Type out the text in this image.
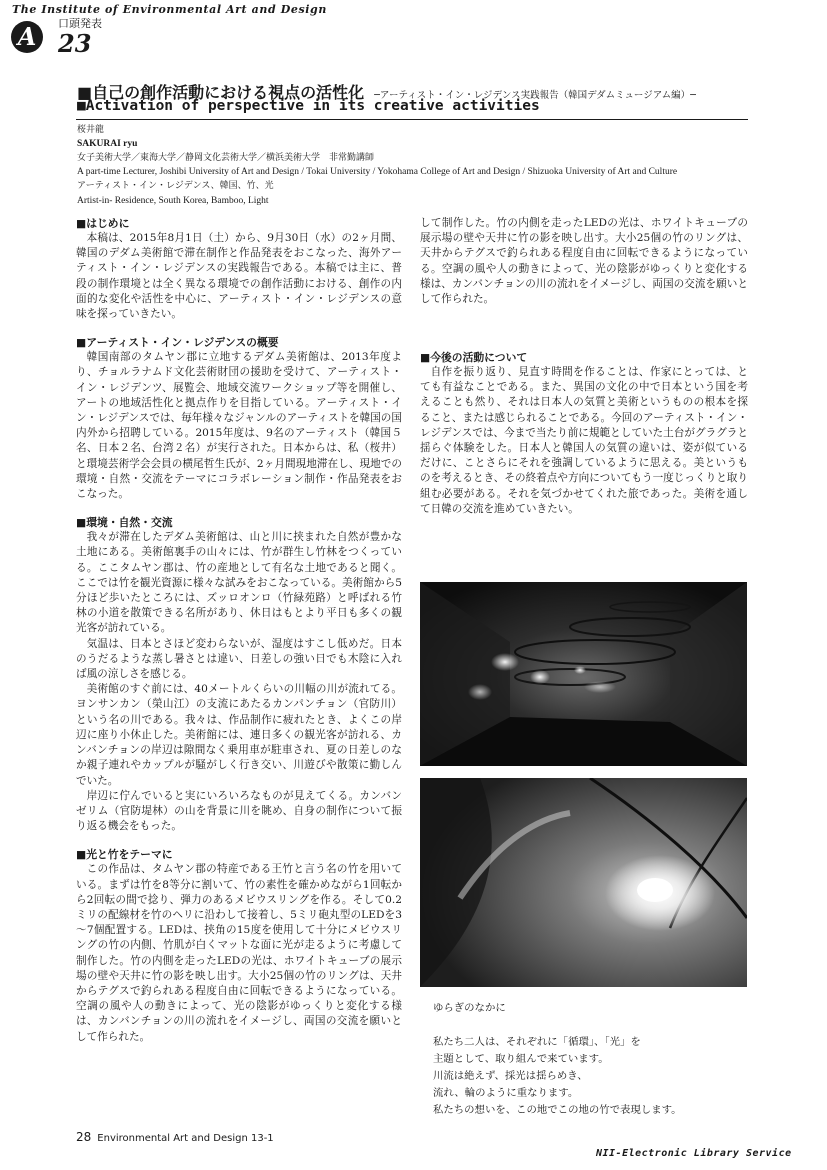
The Institute of Environmental Art and Design
A	口頭発表
23
■自己の創作活動における視点の活性化 ─アーティスト・イン・レジデンス実践報告（韓国デダムミュージアム編）─
■Activation of perspective in its creative activities
桜井龍
SAKURAI ryu
女子美術大学／東海大学／静岡文化芸術大学／横浜美術大学　非常勤講師
A part-time Lecturer, Joshibi University of Art and Design / Tokai University / Yokohama College of Art and Design / Shizuoka University of Art and Culture
アーティスト・イン・レジデンス、韓国、竹、光
Artist-in- Residence, South Korea, Bamboo, Light
■はじめに

本稿は、2015年8月1日（土）から、9月30日（水）の2ヶ月間、韓国のデダム美術館で滞在制作と作品発表をおこなった、海外アーティスト・イン・レジデンスの実践報告である。本稿では主に、普段の制作環境とは全く異なる環境での創作活動における、創作の内面的な変化や活性を中心に、アーティスト・イン・レジデンスの意味を探っていきたい。

■アーティスト・イン・レジデンスの概要

韓国南部のタムヤン郡に立地するデダム美術館は、2013年度より、チョルラナムド文化芸術財団の援助を受けて、アーティスト・イン・レジデンツ、展覧会、地域交流ワークショップ等を開催し、アートの地域活性化と拠点作りを目指している。アーティスト・イン・レジデンスでは、毎年様々なジャンルのアーティストを韓国の国内外から招聘している。2015年度は、9名のアーティスト（韓国５名、日本２名、台湾２名）が実行された。日本からは、私（桜井）と環境芸術学会会員の横尾哲生氏が、2ヶ月間現地滞在し、現地での環境・自然・交流をテーマにコラボレーション制作・作品発表をおこなった。

■環境・自然・交流

我々が滞在したデダム美術館は、山と川に挟まれた自然が豊かな土地にある。美術館裏手の山々には、竹が群生し竹林をつくっている。ここタムヤン郡は、竹の産地として有名な土地であると聞く。ここでは竹を観光資源に様々な試みをおこなっている。美術館から5分ほど歩いたところには、ズッロオンロ（竹緑苑路）と呼ばれる竹林の小道を散策できる名所があり、休日はもとより平日も多くの観光客が訪れている。

気温は、日本とさほど変わらないが、湿度はすこし低めだ。日本のうだるような蒸し暑さとは違い、日差しの強い日でも木陰に入れば風の涼しさを感じる。

美術館のすぐ前には、40メートルくらいの川幅の川が流れてる。ヨンサンカン（榮山江）の支流にあたるカンパンチョン（官防川）という名の川である。我々は、作品制作に疲れたとき、よくこの岸辺に座り小休止した。美術館には、連日多くの観光客が訪れる、カンバンチョンの岸辺は隙間なく乗用車が駐車され、夏の日差しのなか親子連れやカップルが騒がしく行き交い、川遊びや散策に勤しんでいた。

岸辺に佇んでいると実にいろいろなものが見えてくる。カンバンゼリム（官防堤林）の山を背景に川を眺め、自身の制作について振り返る機会をもった。

■光と竹をテーマに

この作品は、タムヤン郡の特産である王竹と言う名の竹を用いている。まずは竹を8等分に割いて、竹の素性を確かめながら1回転から2回転の間で捻り、弾力のあるメビウスリングを作る。そして0.2ミリの配線材を竹のヘリに沿わして接着し、5ミリ砲丸型のLEDを3～7個配置する。LEDは、挟角の15度を使用して十分にメビウスリングの竹の内側、竹肌が白くマットな面に光が走るように考慮して制作した。竹の内側を走ったLEDの光は、ホワイトキューブの展示場の壁や天井に竹の影を映し出す。大小25個の竹のリングは、天井からテグスで釣られある程度自由に回転できるようになっている。空調の風や人の動きによって、光の陰影がゆっくりと変化する様は、カンバンチョンの川の流れをイメージし、両国の交流を願いとして作られた。

して制作した。竹の内側を走ったLEDの光は、ホワイトキューブの展示場の壁や天井に竹の影を映し出す。大小25個の竹のリングは、天井からテグスで釣られある程度自由に回転できるようになっている。空調の風や人の動きによって、光の陰影がゆっくりと変化する様は、カンバンチョンの川の流れをイメージし、両国の交流を願いとして作られた。

■今後の活動について

自作を振り返り、見直す時間を作ることは、作家にとっては、とても有益なことである。また、異国の文化の中で日本という国を考えることも然り、それは日本人の気質と美術というものの根本を探ること、または感じられることである。今回のアーティスト・イン・レジデンスでは、今まで当たり前に規範としていた土台がグラグラと揺らぐ体験をした。日本人と韓国人の気質の違いは、姿が似ているだけに、ことさらにそれを強調しているように思える。美というものを考えるとき、その終着点や方向についてもう一度じっくりと取り組む必要がある。それを気づかせてくれた旅であった。美術を通して日韓の交流を進めていきたい。

ゆらぎのなかに
私たち二人は、それぞれに「循環」、「光」を
主題として、取り組んで来ています。
川流は絶えず、採光は揺らめき、
流れ、輪のように重なります。
私たちの想いを、この地でこの地の竹で表現します。
28 Environmental Art and Design 13-1
NII-Electronic Library Service
